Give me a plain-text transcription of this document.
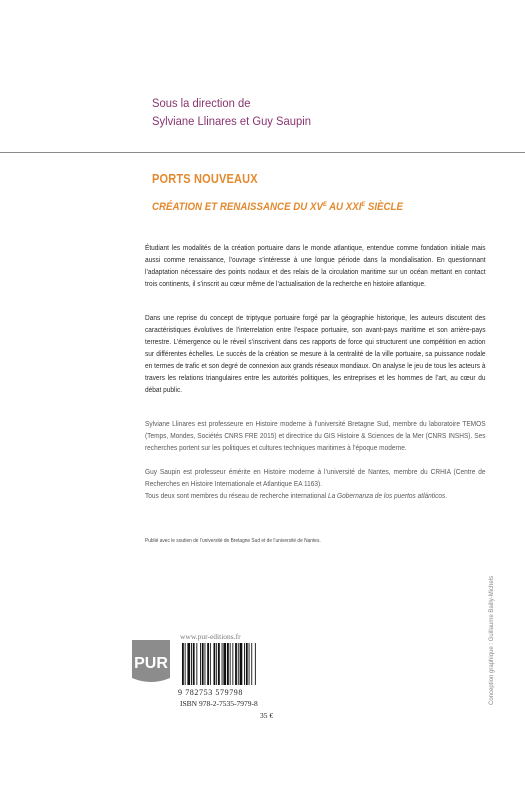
Sous la direction de
Sylviane Llinares et Guy Saupin
PORTS NOUVEAUX
CRÉATION ET RENAISSANCE DU $XV^E$ AU $XXI^E$ SIÈCLE
Étudiant les modalités de la création portuaire dans le monde atlantique, entendue comme fondation initiale mais aussi comme renaissance, l’ouvrage s’intéresse à une longue période dans la mondialisation. En questionnant l’adaptation nécessaire des points nodaux et des relais de la circulation maritime sur un océan mettant en contact trois continents, il s’inscrit au cœur même de l’actualisation de la recherche en histoire atlantique.
Dans une reprise du concept de triptyque portuaire forgé par la géographie historique, les auteurs discutent des caractéristiques évolutives de l’interrelation entre l’espace portuaire, son avant-pays maritime et son arrière-pays terrestre. L’émergence ou le réveil s’inscrivent dans ces rapports de force qui structurent une compétition en action sur différentes échelles. Le succès de la création se mesure à la centralité de la ville portuaire, sa puissance nodale en termes de trafic et son degré de connexion aux grands réseaux mondiaux. On analyse le jeu de tous les acteurs à travers les relations triangulaires entre les autorités politiques, les entreprises et les hommes de l’art, au cœur du débat public.
Sylviane Llinares est professeure en Histoire moderne à l’université Bretagne Sud, membre du laboratoire TEMOS (Temps, Mondes, Sociétés CNRS FRE 2015) et directrice du GIS Histoire & Sciences de la Mer (CNRS INSHS). Ses recherches portent sur les politiques et cultures techniques maritimes à l’époque moderne.
Guy Saupin est professeur émérite en Histoire moderne à l’université de Nantes, membre du CRHIA (Centre de Recherches en Histoire Internationale et Atlantique EA 1163).
Tous deux sont membres du réseau de recherche international La Gobernanza de los puertos atlánticos.
Publié avec le soutien de l’université de Bretagne Sud et de l’université de Nantes.
Conception graphique : Guillaume Bailly-Michels
www.pur-editions.fr
PUR
9 782753 579798
ISBN 978-2-7535-7979-8
35 €
